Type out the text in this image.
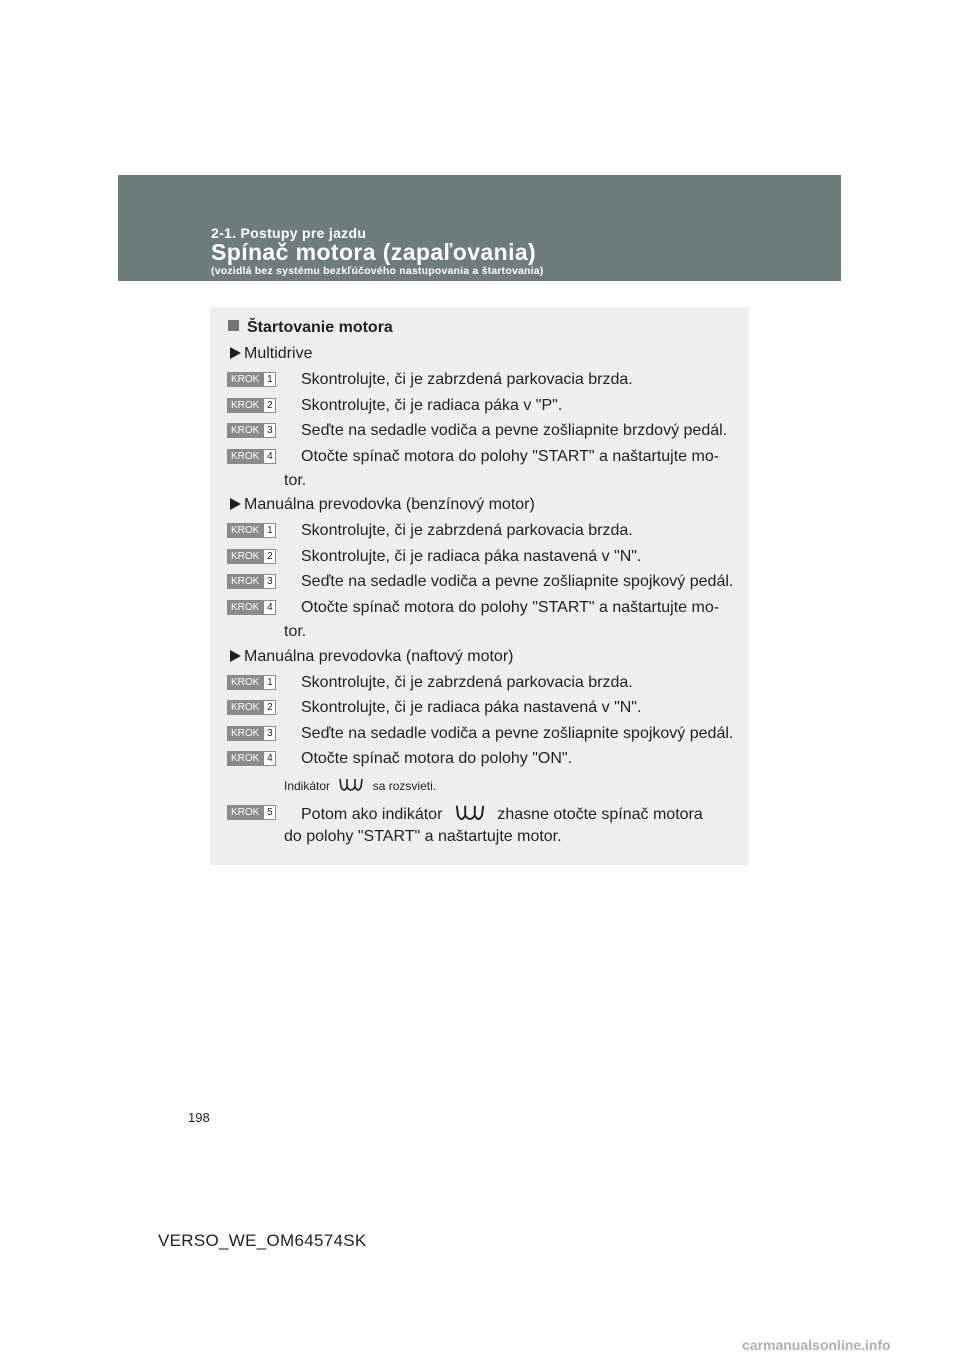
2-1. Postupy pre jazdu
Spínač motora (zapaľovania)
(vozidlá bez systému bezkľúčového nastupovania a štartovania)
Štartovanie motora
Multidrive
KROK 1 Skontrolujte, či je zabrzdená parkovacia brzda.
KROK 2 Skontrolujte, či je radiaca páka v "P".
KROK 3 Seďte na sedadle vodiča a pevne zošliapnite brzdový pedál.
KROK 4 Otočte spínač motora do polohy "START" a naštartujte mo-
tor.
Manuálna prevodovka (benzínový motor)
KROK 1 Skontrolujte, či je zabrzdená parkovacia brzda.
KROK 2 Skontrolujte, či je radiaca páka nastavená v "N".
KROK 3 Seďte na sedadle vodiča a pevne zošliapnite spojkový pedál.
KROK 4 Otočte spínač motora do polohy "START" a naštartujte mo-
tor.
Manuálna prevodovka (naftový motor)
KROK 1 Skontrolujte, či je zabrzdená parkovacia brzda.
KROK 2 Skontrolujte, či je radiaca páka nastavená v "N".
KROK 3 Seďte na sedadle vodiča a pevne zošliapnite spojkový pedál.
KROK 4 Otočte spínač motora do polohy "ON".
Indikátor	sa rozsvieti.
KROK 5 Potom ako indikátor	zhasne otočte spínač motora
do polohy "START" a naštartujte motor.
198
VERSO_WE_OM64574SK
carmanualsonline.info
